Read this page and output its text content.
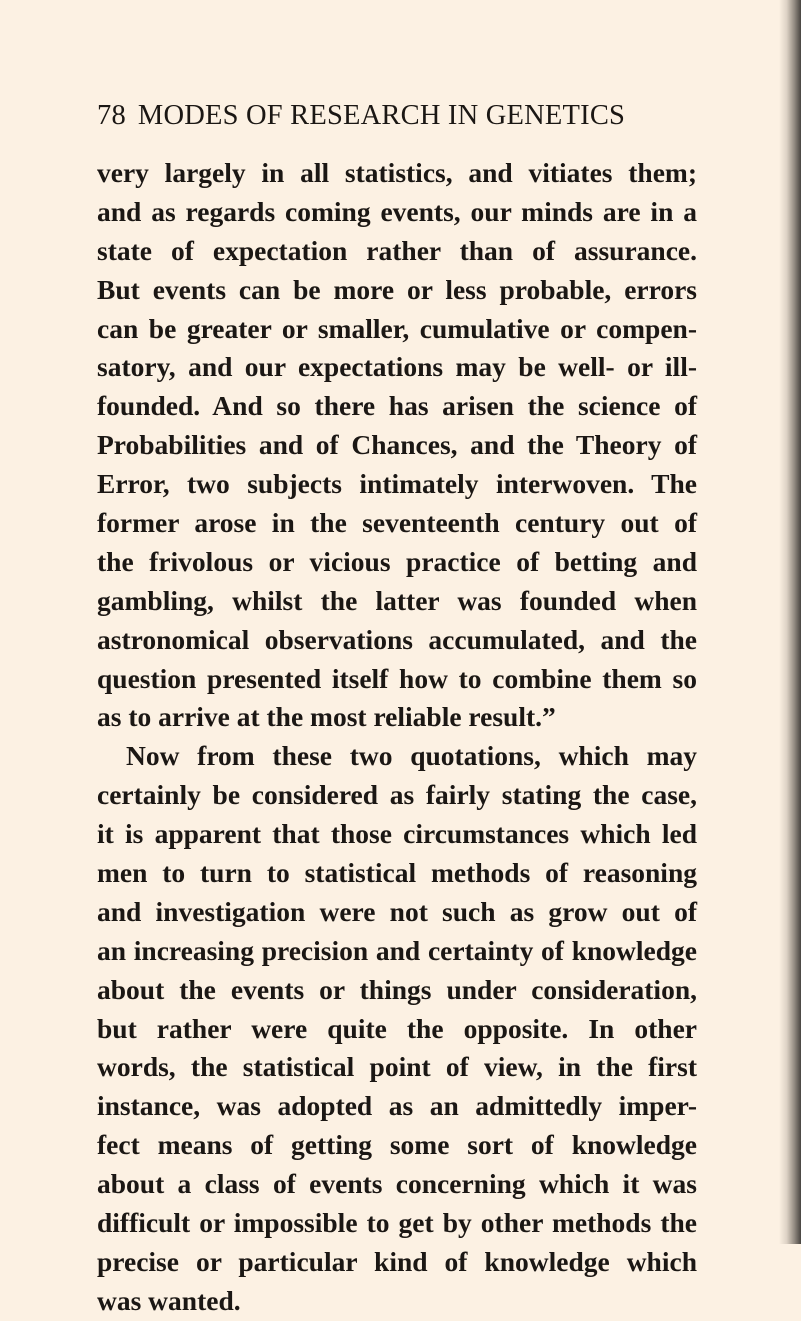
78 MODES OF RESEARCH IN GENETICS
very largely in all statistics, and vitiates them;
and as regards coming events, our minds are in a
state of expectation rather than of assurance.
But events can be more or less probable, errors
can be greater or smaller, cumulative or compen-
satory, and our expectations may be well- or ill-
founded. And so there has arisen the science of
Probabilities and of Chances, and the Theory of
Error, two subjects intimately interwoven. The
former arose in the seventeenth century out of
the frivolous or vicious practice of betting and
gambling, whilst the latter was founded when
astronomical observations accumulated, and the
question presented itself how to combine them so
as to arrive at the most reliable result.”
Now from these two quotations, which may
certainly be considered as fairly stating the case,
it is apparent that those circumstances which led
men to turn to statistical methods of reasoning
and investigation were not such as grow out of
an increasing precision and certainty of knowledge
about the events or things under consideration,
but rather were quite the opposite. In other
words, the statistical point of view, in the first
instance, was adopted as an admittedly imper-
fect means of getting some sort of knowledge
about a class of events concerning which it was
difficult or impossible to get by other methods the
precise or particular kind of knowledge which
was wanted.
